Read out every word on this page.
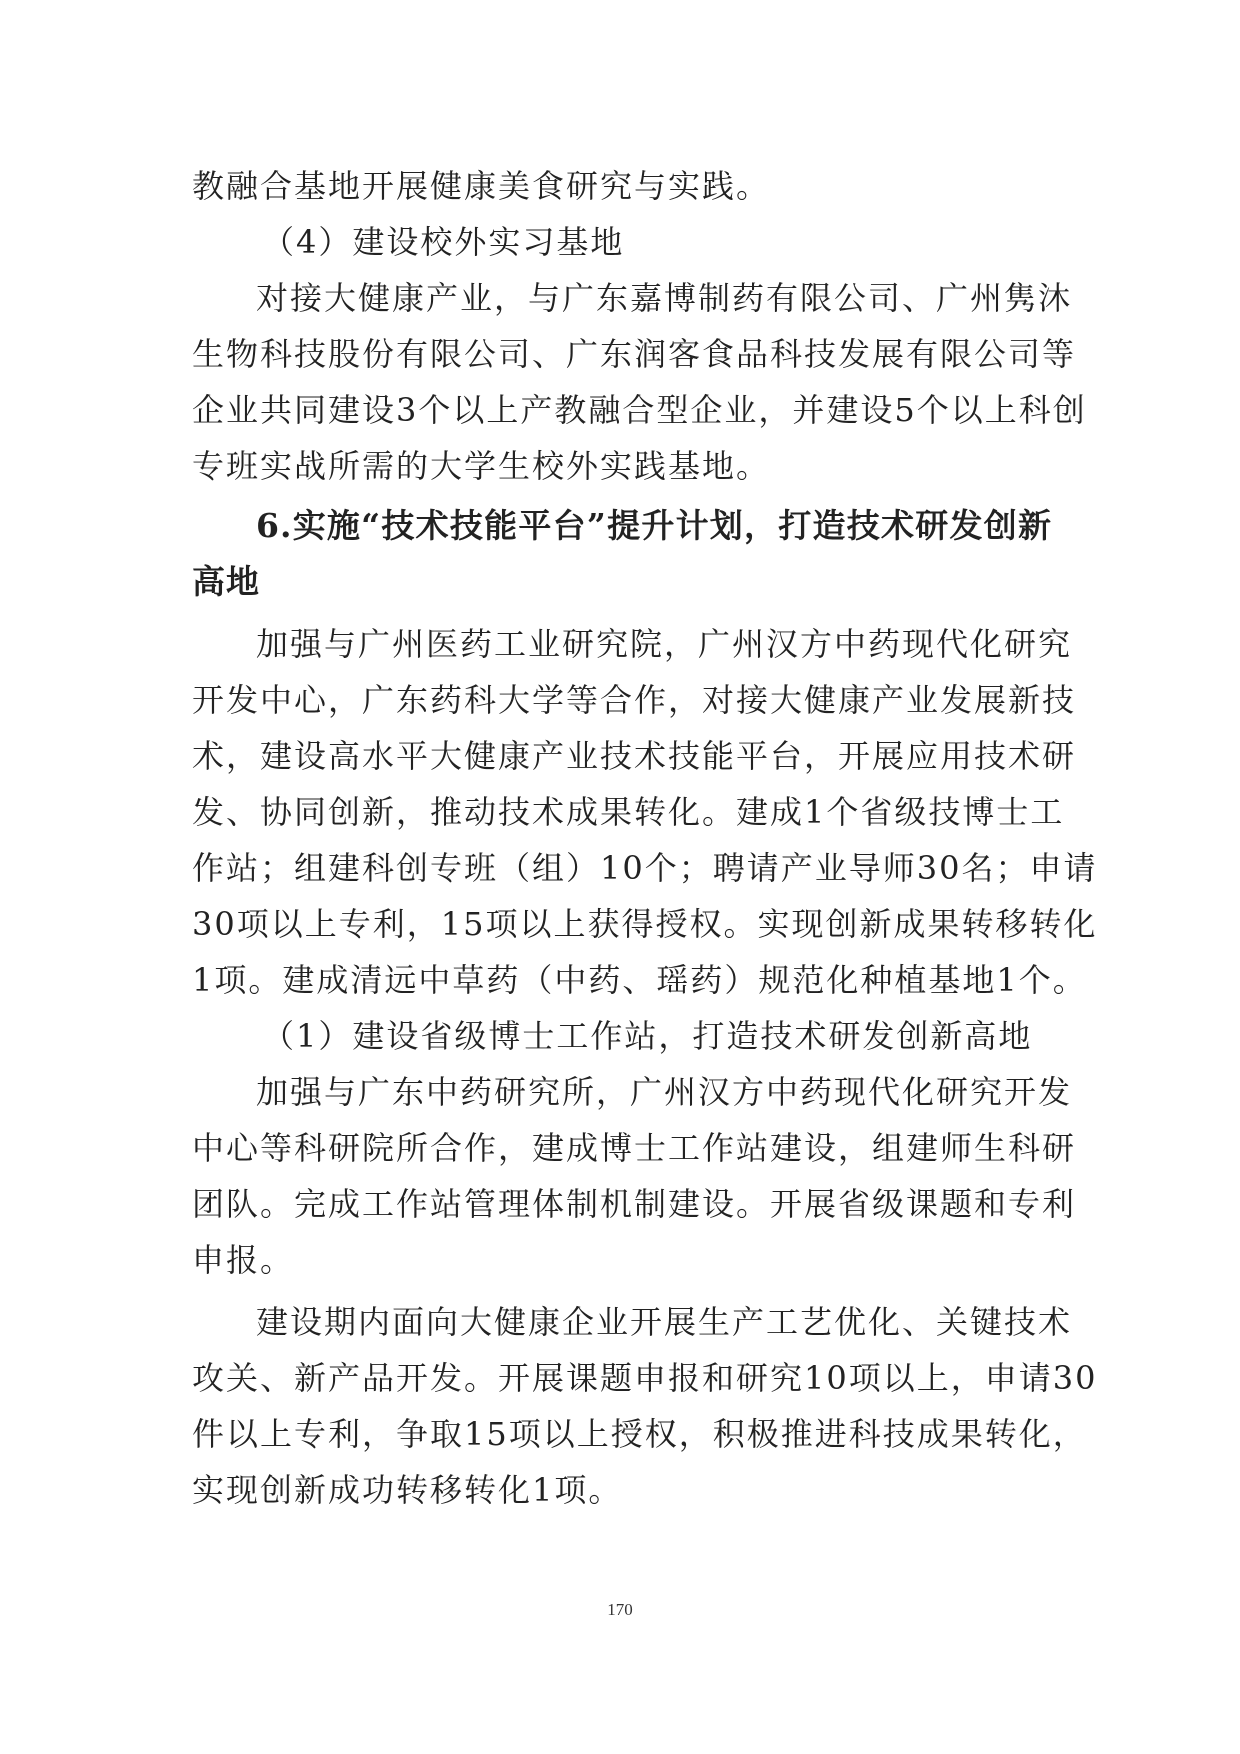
教融合基地开展健康美食研究与实践。
（4）建设校外实习基地
对接大健康产业，与广东嘉博制药有限公司、广州隽沐
生物科技股份有限公司、广东润客食品科技发展有限公司等
企业共同建设3个以上产教融合型企业，并建设5个以上科创
专班实战所需的大学生校外实践基地。
6.实施“技术技能平台”提升计划，打造技术研发创新
高地
加强与广州医药工业研究院，广州汉方中药现代化研究
开发中心，广东药科大学等合作，对接大健康产业发展新技
术，建设高水平大健康产业技术技能平台，开展应用技术研
发、协同创新，推动技术成果转化。建成1个省级技博士工
作站；组建科创专班（组）10个；聘请产业导师30名；申请
30项以上专利，15项以上获得授权。实现创新成果转移转化
1项。建成清远中草药（中药、瑶药）规范化种植基地1个。
（1）建设省级博士工作站，打造技术研发创新高地
加强与广东中药研究所，广州汉方中药现代化研究开发
中心等科研院所合作，建成博士工作站建设，组建师生科研
团队。完成工作站管理体制机制建设。开展省级课题和专利
申报。
建设期内面向大健康企业开展生产工艺优化、关键技术
攻关、新产品开发。开展课题申报和研究10项以上，申请30
件以上专利，争取15项以上授权，积极推进科技成果转化，
实现创新成功转移转化1项。
170
